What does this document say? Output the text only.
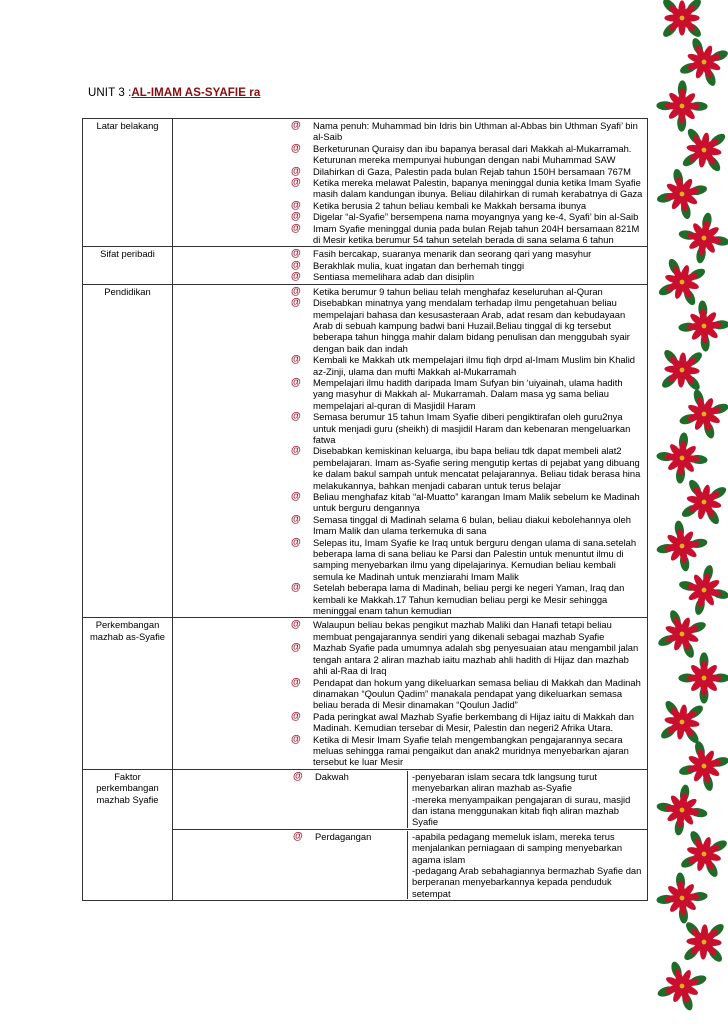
UNIT 3 :AL-IMAM AS-SYAFIE ra
Latar belakang	@ Nama penuh: Muhammad bin Idris bin Uthman al-Abbas bin Uthman Syafi’ bin al-Saib
@ Berketurunan Quraisy dan ibu bapanya berasal dari Makkah al-Mukarramah. Keturunan mereka mempunyai hubungan dengan nabi Muhammad SAW
@ Dilahirkan di Gaza, Palestin pada bulan Rejab tahun 150H bersamaan 767M
@ Ketika mereka melawat Palestin, bapanya meninggal dunia ketika Imam Syafie masih dalam kandungan ibunya. Beliau dilahirkan di rumah kerabatnya di Gaza
@ Ketika berusia 2 tahun beliau kembali ke Makkah bersama ibunya
@ Digelar “al-Syafie” bersempena nama moyangnya yang ke-4, Syafi’ bin al-Saib
@ Imam Syafie meninggal dunia pada bulan Rejab tahun 204H bersamaan 821M di Mesir ketika berumur 54 tahun setelah berada di sana selama 6 tahun

Sifat peribadi	@ Fasih bercakap, suaranya menarik dan seorang qari yang masyhur
@ Berakhlak mulia, kuat ingatan dan berhemah tinggi
@ Sentiasa memelihara adab dan disiplin

Pendidikan	@ Ketika berumur 9 tahun beliau telah menghafaz keseluruhan al-Quran
@ Disebabkan minatnya yang mendalam terhadap ilmu pengetahuan beliau mempelajari bahasa dan kesusasteraan Arab, adat resam dan kebudayaan Arab di sebuah kampung badwi bani Huzail.Beliau tinggal di kg tersebut beberapa tahun hingga mahir dalam bidang penulisan dan menggubah syair dengan baik dan indah
@ Kembali ke Makkah utk mempelajari ilmu fiqh drpd al-Imam Muslim bin Khalid az-Zinji, ulama dan mufti Makkah al-Mukarramah
@ Mempelajari ilmu hadith daripada Imam Sufyan bin ‘uiyainah, ulama hadith yang masyhur di Makkah al- Mukarramah. Dalam masa yg sama beliau mempelajari al-quran di Masjidil Haram
@ Semasa berumur 15 tahun Imam Syafie diberi pengiktirafan oleh guru2nya untuk menjadi guru (sheikh) di masjidil Haram dan kebenaran mengeluarkan fatwa
@ Disebabkan kemiskinan keluarga, ibu bapa beliau tdk dapat membeli alat2 pembelajaran. Imam as-Syafie sering mengutip kertas di pejabat yang dibuang ke dalam bakul sampah untuk mencatat pelajarannya. Beliau tidak berasa hina melakukannya, bahkan menjadi cabaran untuk terus belajar
@ Beliau menghafaz kitab “al-Muatto” karangan Imam Malik sebelum ke Madinah untuk berguru dengannya
@ Semasa tinggal di Madinah selama 6 bulan, beliau diakui kebolehannya oleh Imam Malik dan ulama terkemuka di sana
@ Selepas itu, Imam Syafie ke Iraq untuk berguru dengan ulama di sana.setelah beberapa lama di sana beliau ke Parsi dan Palestin untuk menuntut ilmu di samping menyebarkan ilmu yang dipelajarinya. Kemudian beliau kembali semula ke Madinah untuk menziarahi Imam Malik
@ Setelah beberapa lama di Madinah, beliau pergi ke negeri Yaman, Iraq dan kembali ke Makkah.17 Tahun kemudian beliau pergi ke Mesir sehingga meninggal enam tahun kemudian

Perkembangan mazhab as-Syafie	
@ Walaupun beliau bekas pengikut mazhab Maliki dan Hanafi tetapi beliau membuat pengajarannya sendiri yang dikenali sebagai mazhab Syafie
@ Mazhab Syafie pada umumnya adalah sbg penyesuaian atau mengambil jalan tengah antara 2 aliran mazhab iaitu mazhab ahli hadith di Hijaz dan mazhab ahli al-Raa di Iraq
@ Pendapat dan hokum yang dikeluarkan semasa beliau di Makkah dan Madinah dinamakan “Qoulun Qadim” manakala pendapat yang dikeluarkan semasa beliau berada di Mesir dinamakan “Qoulun Jadid”
@ Pada peringkat awal Mazhab Syafie berkembang di Hijaz iaitu di Makkah dan Madinah. Kemudian tersebar di Mesir, Palestin dan negeri2 Afrika Utara.
@ Ketika di Mesir Imam Syafie telah mengembangkan pengajarannya secara meluas sehingga ramai pengaikut dan anak2 muridnya menyebarkan ajaran tersebut ke luar Mesir

Faktor perkembangan mazhab Syafie	
@	Dakwah	-penyebaran islam secara tdk langsung turut menyebarkan aliran mazhab as-Syafie
-mereka menyampaikan pengajaran di surau, masjid dan istana menggunakan kitab fiqh aliran mazhab Syafie

@	Perdagangan	-apabila pedagang memeluk islam, mereka terus menjalankan perniagaan di samping menyebarkan agama islam
-pedagang Arab sebahagiannya bermazhab Syafie dan berperanan menyebarkannya kepada penduduk setempat
